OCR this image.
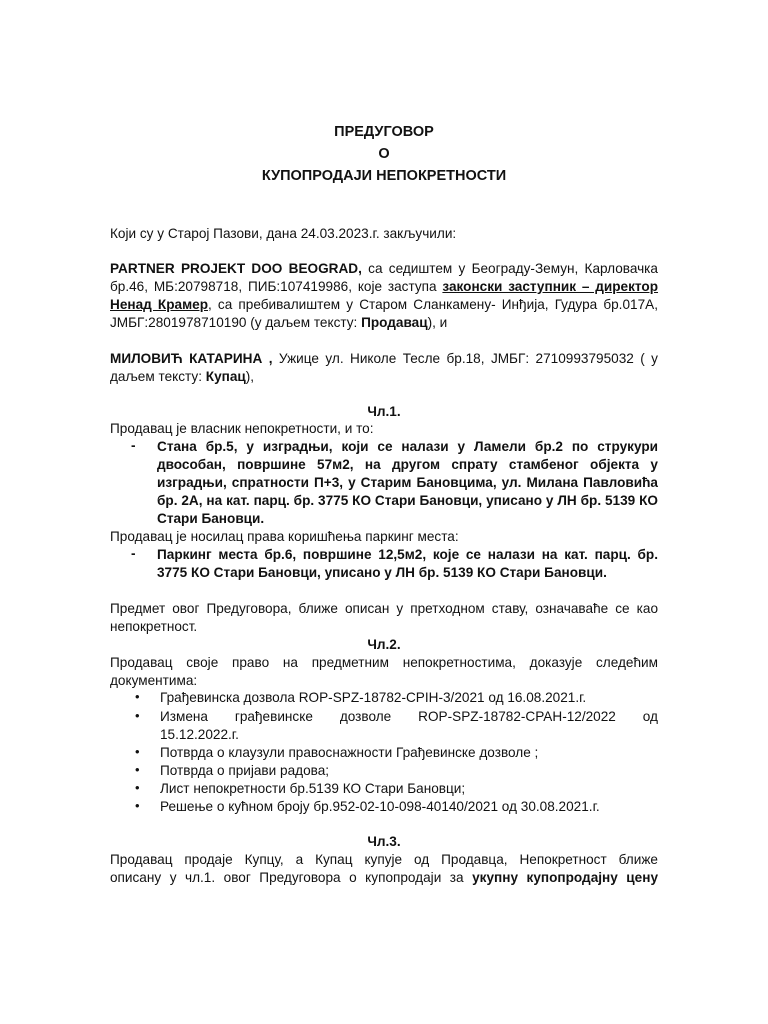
ПРЕДУГОВОР
О
КУПОПРОДАЈИ НЕПОКРЕТНОСТИ
Који су у Старој Пазови, дана 24.03.2023.г. закључили:
PARTNER PROJEKT DOO BEOGRAD, са седиштем у Београду-Земун, Карловачка
бр.46, МБ:20798718, ПИБ:107419986, које заступа законски заступник – директор
Ненад Крамер, са пребивалиштем у Старом Сланкамену- Инђија, Гудура бр.017А,
ЈМБГ:2801978710190 (у даљем тексту: Продавац), и
МИЛОВИЋ КАТАРИНА , Ужице ул. Николе Тесле бр.18, ЈМБГ: 2710993795032 ( у
даљем тексту: Купац),
Чл.1.
Продавац је власник непокретности, и то:
- Стана бр.5, у изградњи, који се налази у Ламели бр.2 по струкури
двособан, површине 57м2, на другом спрату стамбеног објекта у
изградњи, спратности П+3, у Старим Бановцима, ул. Милана Павловића
бр. 2А, на кат. парц. бр. 3775 КО Стари Бановци, уписано у ЛН бр. 5139 КО
Стари Бановци.
Продавац је носилац права коришћења паркинг места:
- Паркинг места бр.6, површине 12,5м2, које се налази на кат. парц. бр.
3775 КО Стари Бановци, уписано у ЛН бр. 5139 КО Стари Бановци.
Предмет овог Предуговора, ближе описан у претходном ставу, означаваће се као
непокретност.
Чл.2.
Продавац своје право на предметним непокретностима, доказује следећим
документима:
• Грађевинска дозвола ROP-SPZ-18782-CPIH-3/2021 од 16.08.2021.г.
• Измена грађевинске дозволе ROP-SPZ-18782-CPAH-12/2022 од
15.12.2022.г.
• Потврда о клаузули правоснажности Грађевинске дозволе ;
• Потврда о пријави радова;
• Лист непокретности бр.5139 КО Стари Бановци;
• Решење о кућном броју бр.952-02-10-098-40140/2021 од 30.08.2021.г.
Чл.3.
Продавац продаје Купцу, а Купац купује од Продавца, Непокретност ближе
описану у чл.1. овог Предуговора о купопродаји за укупну купопродајну цену
